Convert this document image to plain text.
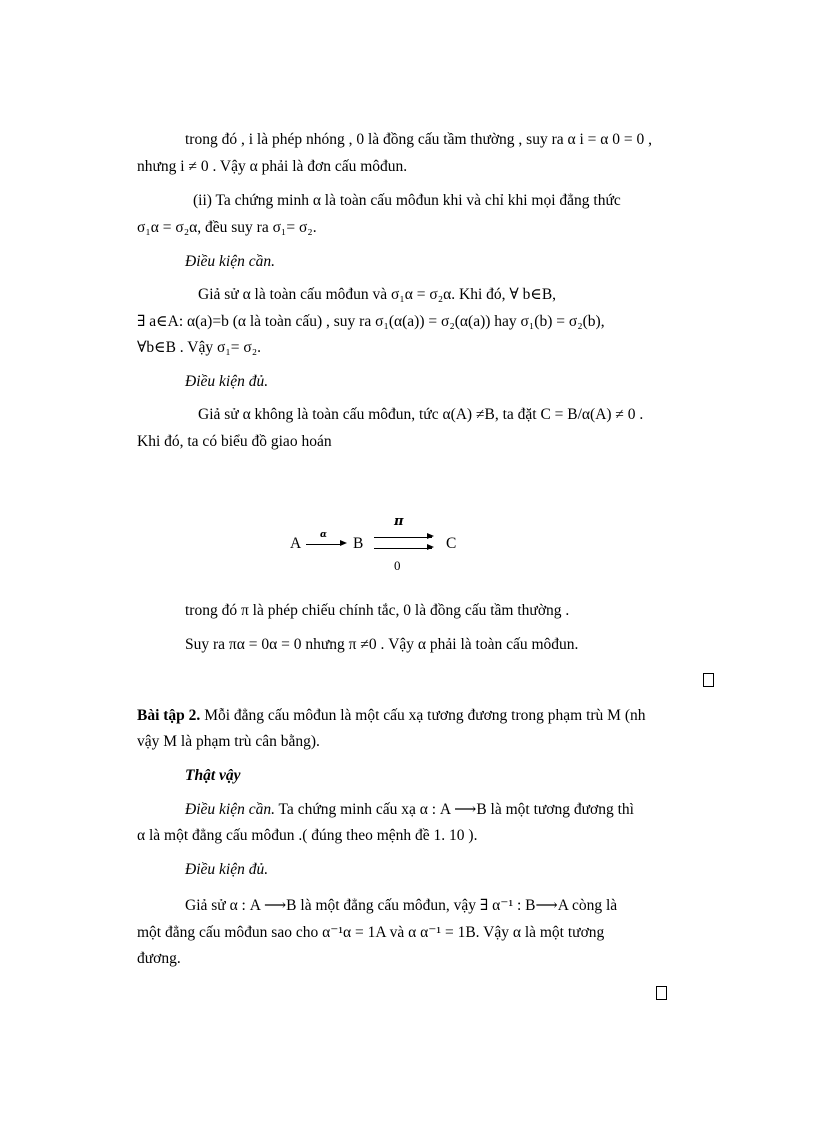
trong đó , i là phép nhóng , 0 là đồng cấu tầm thường , suy ra α i = α 0 = 0 ,
nhưng i ≠ 0 . Vậy α phải là đơn cấu môđun.
(ii) Ta chứng minh α là toàn cấu môđun khi và chỉ khi mọi đẳng thức
σ₁α = σ₂α, đều suy ra σ₁= σ₂.
Điều kiện cần.
Giả sử α là toàn cấu môđun và σ₁α = σ₂α. Khi đó, ∀ b∈B,
∃ a∈A: α(a)=b (α là toàn cấu) , suy ra σ₁(α(a)) = σ₂(α(a)) hay σ₁(b) = σ₂(b),
∀b∈B . Vậy σ₁= σ₂.
Điều kiện đủ.
Giả sử α không là toàn cấu môđun, tức α(A) ≠B, ta đặt C = B/α(A) ≠ 0 .
Khi đó, ta có biểu đồ giao hoán
A α B
π
0
C
trong đó π là phép chiếu chính tắc, 0 là đồng cấu tầm thường .
Suy ra πα = 0α = 0 nhưng π ≠0 . Vậy α phải là toàn cấu môđun.
Bài tập 2. Mỗi đẳng cấu môđun là một cấu xạ tương đương trong phạm trù M (nh
vậy M là phạm trù cân bằng).
Thật vậy
Điều kiện cần. Ta chứng minh cấu xạ α : A ⟶B là một tương đương thì
α là một đẳng cấu môđun .( đúng theo mệnh đề 1. 10 ).
Điều kiện đủ.
Giả sử α : A ⟶B là một đẳng cấu môđun, vậy ∃ α⁻¹ : B⟶A còng là
một đẳng cấu môđun sao cho α⁻¹α = 1A và α α⁻¹ = 1B. Vậy α là một tương
đương.
